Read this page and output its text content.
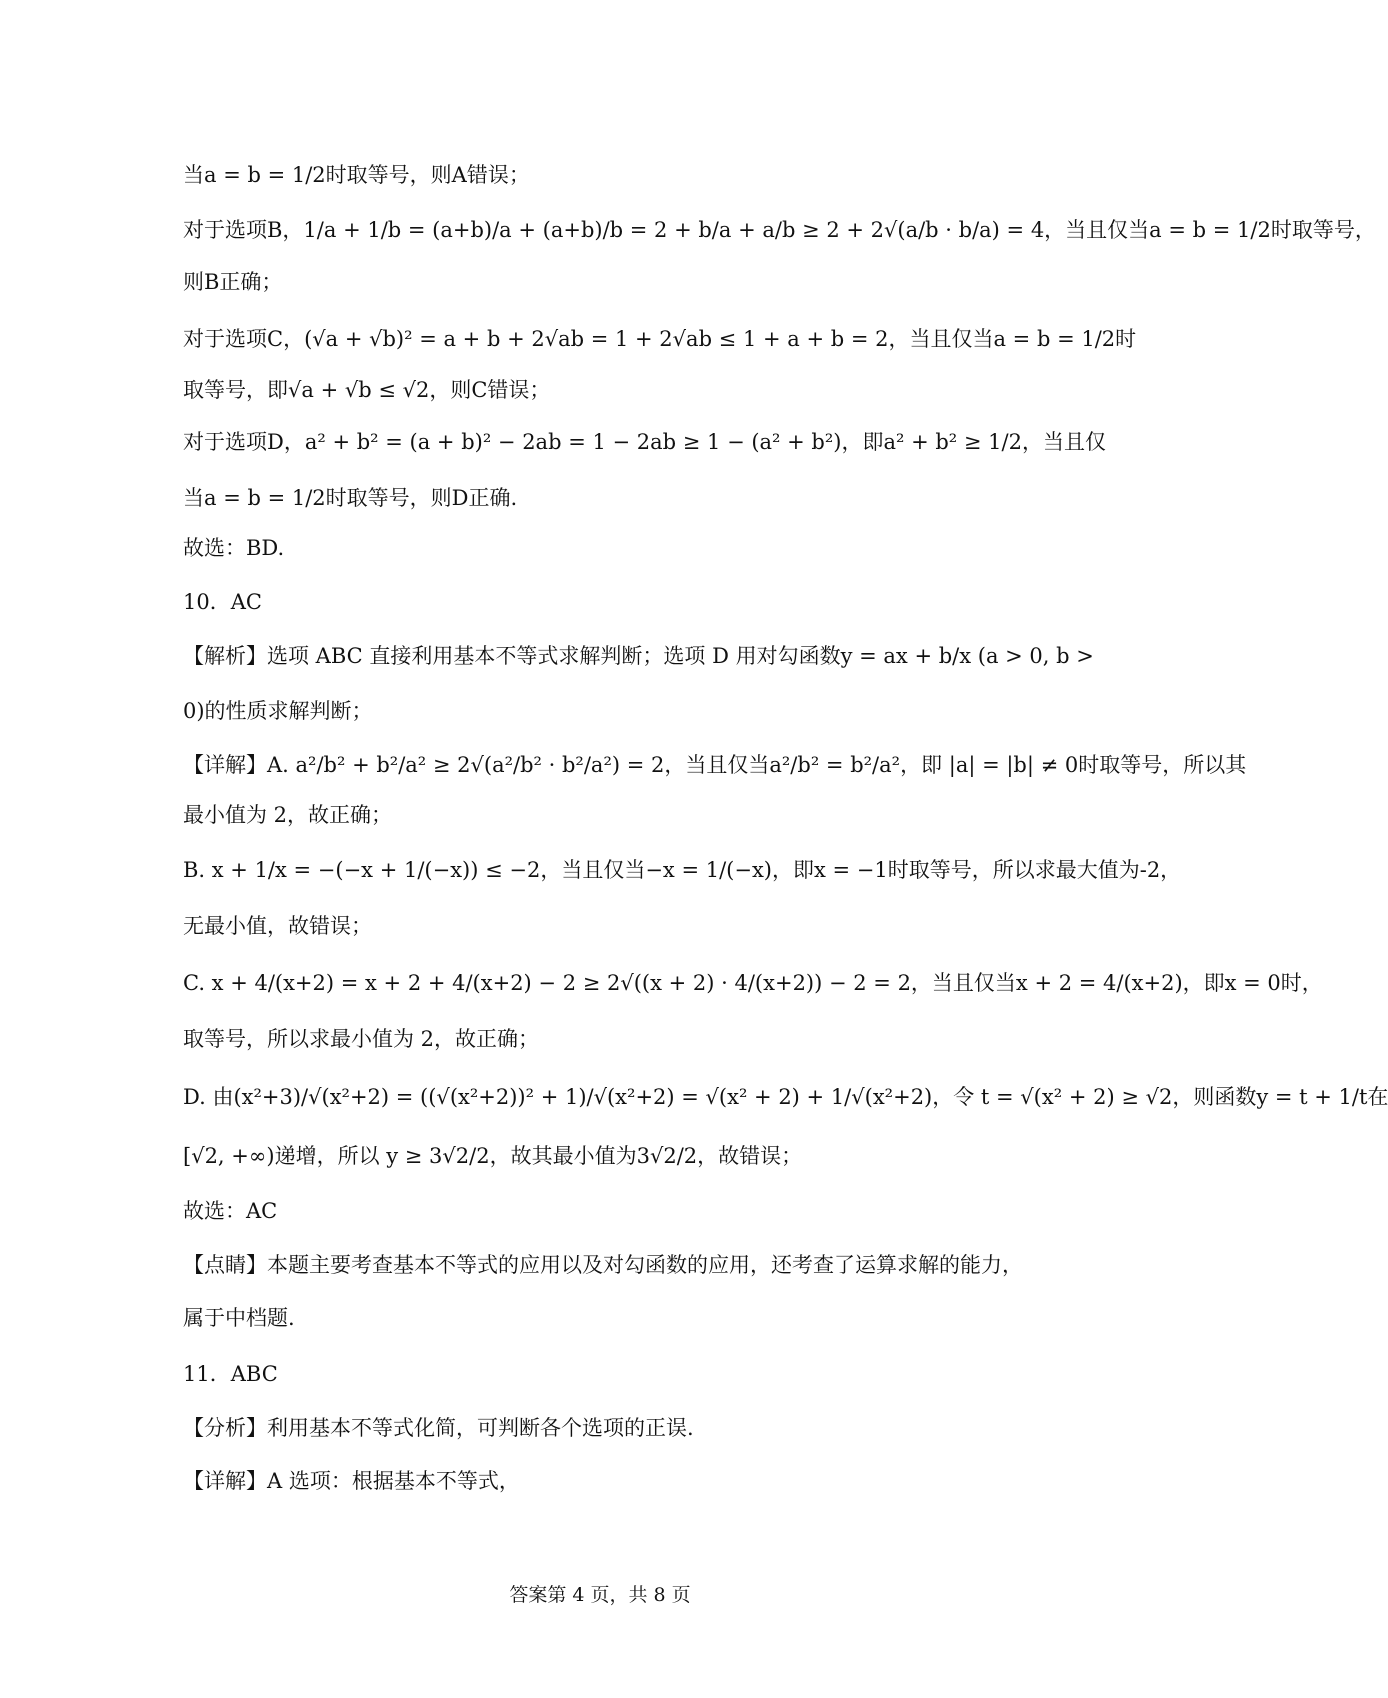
当a = b = 1/2时取等号，则A错误；
对于选项B，1/a + 1/b = (a+b)/a + (a+b)/b = 2 + b/a + a/b ≥ 2 + 2√(a/b · b/a) = 4，当且仅当a = b = 1/2时取等号，
则B正确；
对于选项C，(√a + √b)² = a + b + 2√ab = 1 + 2√ab ≤ 1 + a + b = 2，当且仅当a = b = 1/2时
取等号，即√a + √b ≤ √2，则C错误；
对于选项D，a² + b² = (a + b)² − 2ab = 1 − 2ab ≥ 1 − (a² + b²)，即a² + b² ≥ 1/2，当且仅
当a = b = 1/2时取等号，则D正确.
故选：BD.
10．AC
【解析】选项 ABC 直接利用基本不等式求解判断；选项 D 用对勾函数y = ax + b/x (a > 0, b >
0)的性质求解判断；
【详解】A. a²/b² + b²/a² ≥ 2√(a²/b² · b²/a²) = 2，当且仅当a²/b² = b²/a²，即 |a| = |b| ≠ 0时取等号，所以其
最小值为 2，故正确；
B. x + 1/x = −(−x + 1/(−x)) ≤ −2，当且仅当−x = 1/(−x)，即x = −1时取等号，所以求最大值为-2，
无最小值，故错误；
C. x + 4/(x+2) = x + 2 + 4/(x+2) − 2 ≥ 2√((x + 2) · 4/(x+2)) − 2 = 2，当且仅当x + 2 = 4/(x+2)，即x = 0时，
取等号，所以求最小值为 2，故正确；
D. 由(x²+3)/√(x²+2) = ((√(x²+2))² + 1)/√(x²+2) = √(x² + 2) + 1/√(x²+2)，令 t = √(x² + 2) ≥ √2，则函数y = t + 1/t在
[√2, +∞)递增，所以 y ≥ 3√2/2，故其最小值为3√2/2，故错误；
故选：AC
【点睛】本题主要考查基本不等式的应用以及对勾函数的应用，还考查了运算求解的能力，
属于中档题.
11．ABC
【分析】利用基本不等式化简，可判断各个选项的正误.
【详解】A 选项：根据基本不等式，
答案第 4 页，共 8 页
